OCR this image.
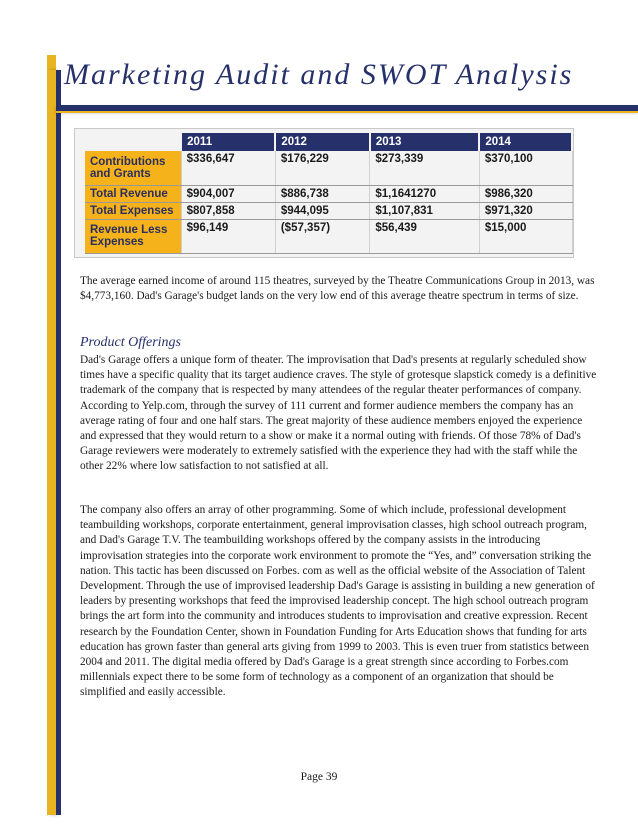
Marketing Audit and SWOT Analysis
	2011	2012	2013	2014
Contributions and Grants	$336,647	$176,229	$273,339	$370,100
Total Revenue	$904,007	$886,738	$1,1641270	$986,320
Total Expenses	$807,858	$944,095	$1,107,831	$971,320
Revenue Less Expenses	$96,149	($57,357)	$56,439	$15,000

The average earned income of around 115 theatres, surveyed by the Theatre Communications Group in 2013, was $4,773,160. Dad's Garage's budget lands on the very low end of this average theatre spectrum in terms of size.

Product Offerings

Dad's Garage offers a unique form of theater. The improvisation that Dad's presents at regularly scheduled show times have a specific quality that its target audience craves. The style of grotesque slapstick comedy is a definitive trademark of the company that is respected by many attendees of the regular theater performances of company. According to Yelp.com, through the survey of 111 current and former audience members the company has an average rating of four and one half stars. The great majority of these audience members enjoyed the experience and expressed that they would return to a show or make it a normal outing with friends. Of those 78% of Dad's Garage reviewers were moderately to extremely satisfied with the experience they had with the staff while the other 22% where low satisfaction to not satisfied at all.

The company also offers an array of other programming. Some of which include, professional development teambuilding workshops, corporate entertainment, general improvisation classes, high school outreach program, and Dad's Garage T.V. The teambuilding workshops offered by the company assists in the introducing improvisation strategies into the corporate work environment to promote the “Yes, and” conversation striking the nation. This tactic has been discussed on Forbes. com as well as the official website of the Association of Talent Development. Through the use of improvised leadership Dad's Garage is assisting in building a new generation of leaders by presenting workshops that feed the improvised leadership concept. The high school outreach program brings the art form into the community and introduces students to improvisation and creative expression. Recent research by the Foundation Center, shown in Foundation Funding for Arts Education shows that funding for arts education has grown faster than general arts giving from 1999 to 2003. This is even truer from statistics between 2004 and 2011. The digital media offered by Dad's Garage is a great strength since according to Forbes.com millennials expect there to be some form of technology as a component of an organization that should be simplified and easily accessible.

Page 39
